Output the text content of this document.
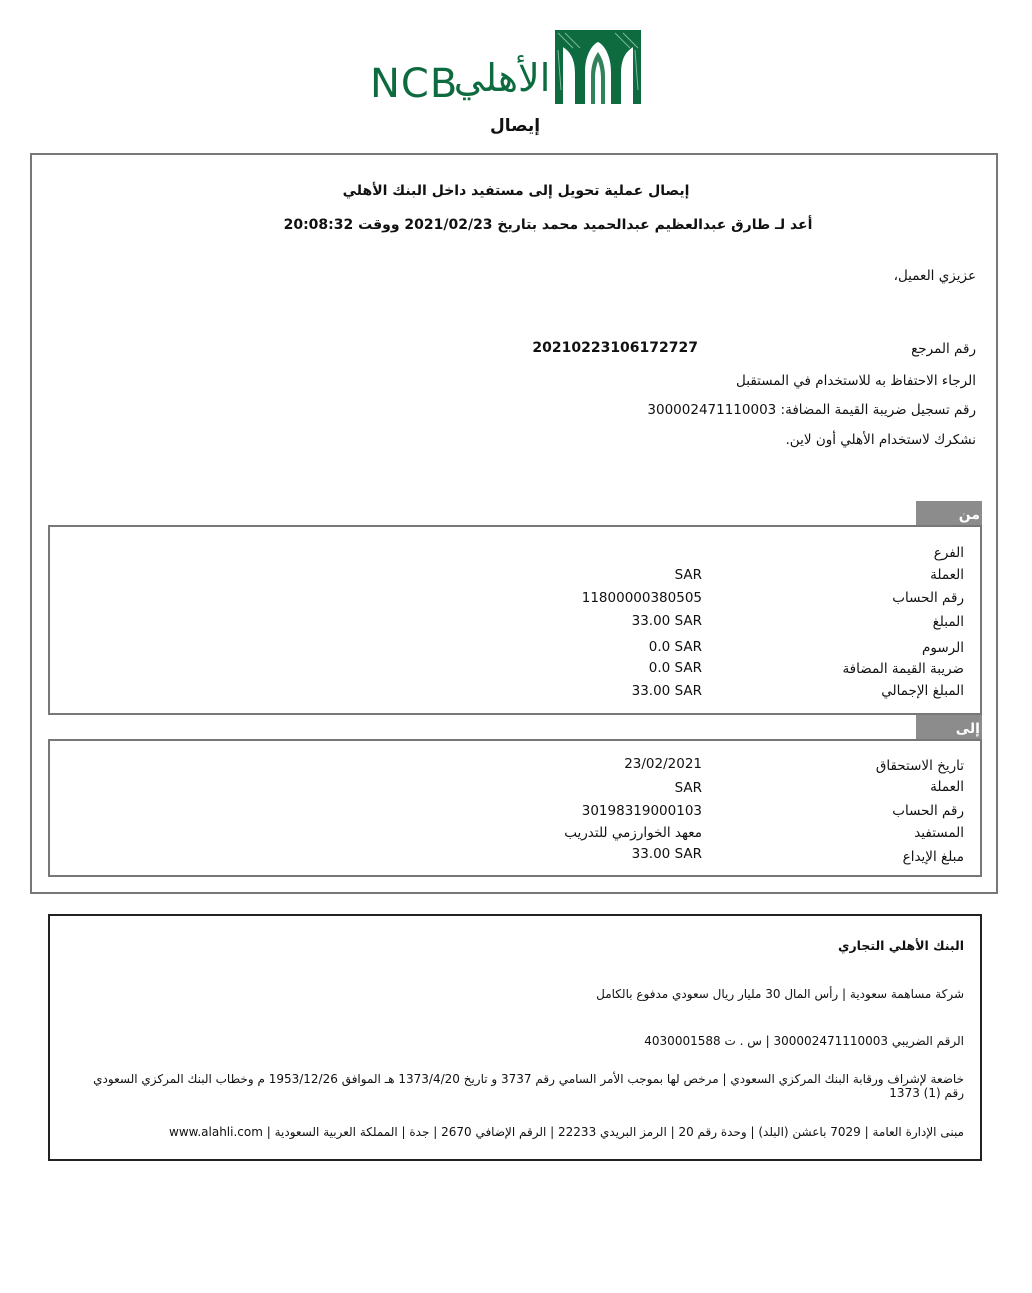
NCB
الأهلي
إيصال
إيصال عملية تحويل إلى مستفيد داخل البنك الأهلي
أعد لـ طارق عبدالعظيم عبدالحميد محمد بتاريخ 2021/02/23 ووقت 20:08:32
عزيزي العميل،
رقم المرجع
20210223106172727
الرجاء الاحتفاظ به للاستخدام في المستقبل
رقم تسجيل ضريبة القيمة المضافة: 300002471110003
نشكرك لاستخدام الأهلي أون لاين.
من
الفرع
العملة
SAR
رقم الحساب
11800000380505
المبلغ
33.00 SAR
الرسوم
0.0 SAR
ضريبة القيمة المضافة
0.0 SAR
المبلغ الإجمالي
33.00 SAR
إلى
تاريخ الاستحقاق
23/02/2021
العملة
SAR
رقم الحساب
30198319000103
المستفيد
معهد الخوارزمي للتدريب
مبلغ الإيداع
33.00 SAR
البنك الأهلي التجاري
شركة مساهمة سعودية | رأس المال 30 مليار ريال سعودي مدفوع بالكامل
الرقم الضريبي 300002471110003 | س . ت 4030001588
خاضعة لإشراف ورقابة البنك المركزي السعودي | مرخص لها بموجب الأمر السامي رقم 3737 و تاريخ 1373/4/20 هـ الموافق 1953/12/26 م وخطاب البنك المركزي السعودي رقم (1) 1373
مبنى الإدارة العامة | 7029 باعشن (البلد) | وحدة رقم 20 | الرمز البريدي 22233 | الرقم الإضافي 2670 | جدة | المملكة العربية السعودية | www.alahli.com
